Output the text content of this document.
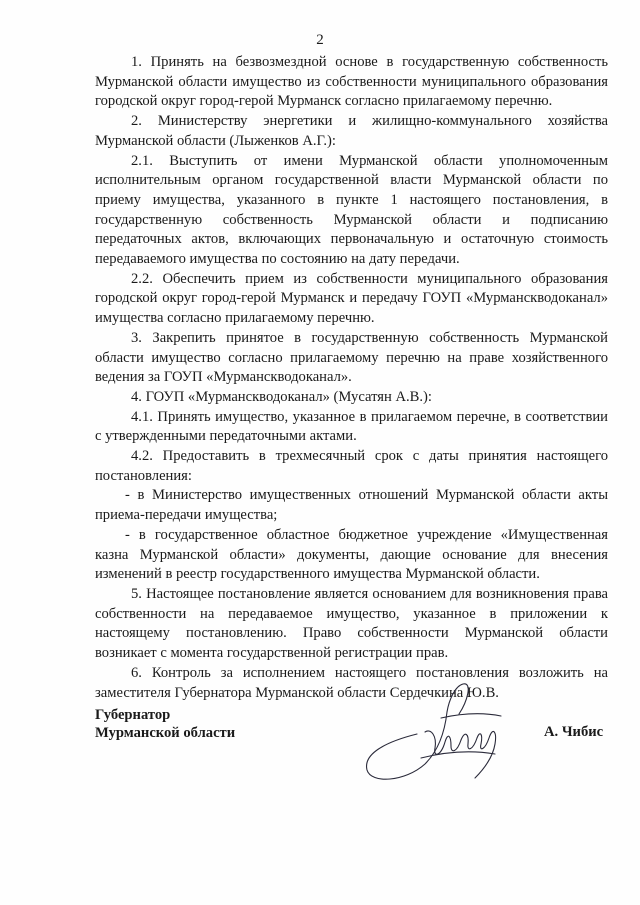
2

1. Принять на безвозмездной основе в государственную собственность Мурманской области имущество из собственности муниципального образования городской округ город-герой Мурманск согласно прилагаемому перечню.

2. Министерству энергетики и жилищно-коммунального хозяйства Мурманской области (Лыженков А.Г.):

2.1. Выступить от имени Мурманской области уполномоченным исполнительным органом государственной власти Мурманской области по приему имущества, указанного в пункте 1 настоящего постановления, в государственную собственность Мурманской области и подписанию передаточных актов, включающих первоначальную и остаточную стоимость передаваемого имущества по состоянию на дату передачи.

2.2. Обеспечить прием из собственности муниципального образования городской округ город-герой Мурманск и передачу ГОУП «Мурманскводоканал» имущества согласно прилагаемому перечню.

3. Закрепить принятое в государственную собственность Мурманской области имущество согласно прилагаемому перечню на праве хозяйственного ведения за ГОУП «Мурманскводоканал».

4. ГОУП «Мурманскводоканал» (Мусатян А.В.):

4.1. Принять имущество, указанное в прилагаемом перечне, в соответствии с утвержденными передаточными актами.

4.2. Предоставить в трехмесячный срок с даты принятия настоящего постановления:

- в Министерство имущественных отношений Мурманской области акты приема-передачи имущества;

- в государственное областное бюджетное учреждение «Имущественная казна Мурманской области» документы, дающие основание для внесения изменений в реестр государственного имущества Мурманской области.

5. Настоящее постановление является основанием для возникновения права собственности на передаваемое имущество, указанное в приложении к настоящему постановлению. Право собственности Мурманской области возникает с момента государственной регистрации прав.

6. Контроль за исполнением настоящего постановления возложить на заместителя Губернатора Мурманской области Сердечкина Ю.В.

Губернатор
Мурманской области	А. Чибис
